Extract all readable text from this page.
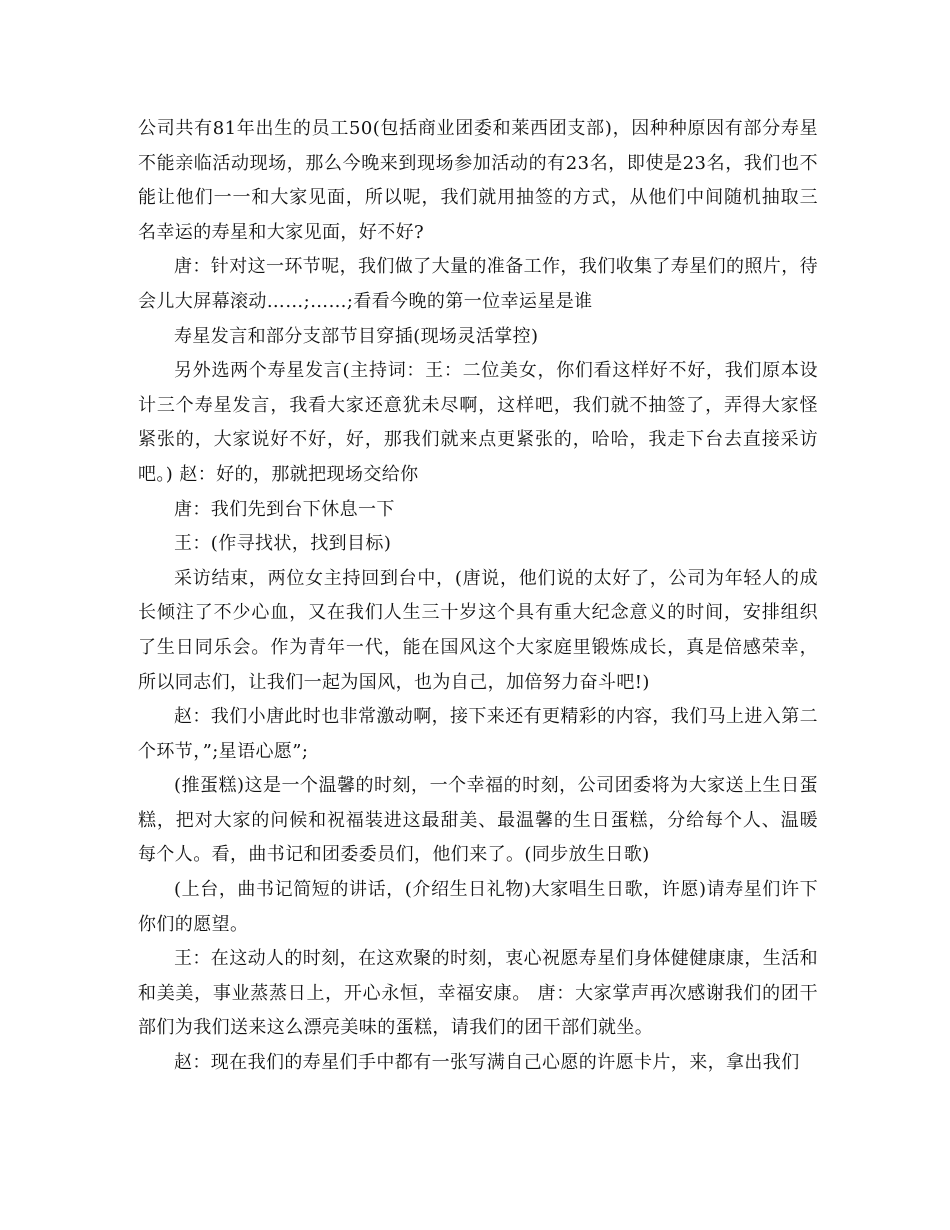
公司共有81年出生的员工50(包括商业团委和莱西团支部)，因种种原因有部分寿星不能亲临活动现场，那么今晚来到现场参加活动的有23名，即使是23名，我们也不能让他们一一和大家见面，所以呢，我们就用抽签的方式，从他们中间随机抽取三名幸运的寿星和大家见面，好不好?

唐：针对这一环节呢，我们做了大量的准备工作，我们收集了寿星们的照片，待会儿大屏幕滚动……;……;看看今晚的第一位幸运星是谁

寿星发言和部分支部节目穿插(现场灵活掌控)

另外选两个寿星发言(主持词：王：二位美女，你们看这样好不好，我们原本设计三个寿星发言，我看大家还意犹未尽啊，这样吧，我们就不抽签了，弄得大家怪紧张的，大家说好不好，好，那我们就来点更紧张的，哈哈，我走下台去直接采访吧。) 赵：好的，那就把现场交给你

唐：我们先到台下休息一下

王：(作寻找状，找到目标)

采访结束，两位女主持回到台中，(唐说，他们说的太好了，公司为年轻人的成长倾注了不少心血，又在我们人生三十岁这个具有重大纪念意义的时间，安排组织了生日同乐会。作为青年一代，能在国风这个大家庭里锻炼成长，真是倍感荣幸，所以同志们，让我们一起为国风，也为自己，加倍努力奋斗吧!)

赵：我们小唐此时也非常激动啊，接下来还有更精彩的内容，我们马上进入第二个环节，”;星语心愿”;

(推蛋糕)这是一个温馨的时刻，一个幸福的时刻，公司团委将为大家送上生日蛋糕，把对大家的问候和祝福装进这最甜美、最温馨的生日蛋糕，分给每个人、温暖每个人。看，曲书记和团委委员们，他们来了。(同步放生日歌)

(上台，曲书记简短的讲话，(介绍生日礼物)大家唱生日歌，许愿)请寿星们许下你们的愿望。

王：在这动人的时刻，在这欢聚的时刻，衷心祝愿寿星们身体健健康康，生活和和美美，事业蒸蒸日上，开心永恒，幸福安康。 唐：大家掌声再次感谢我们的团干部们为我们送来这么漂亮美味的蛋糕，请我们的团干部们就坐。

赵：现在我们的寿星们手中都有一张写满自己心愿的许愿卡片，来，拿出我们
